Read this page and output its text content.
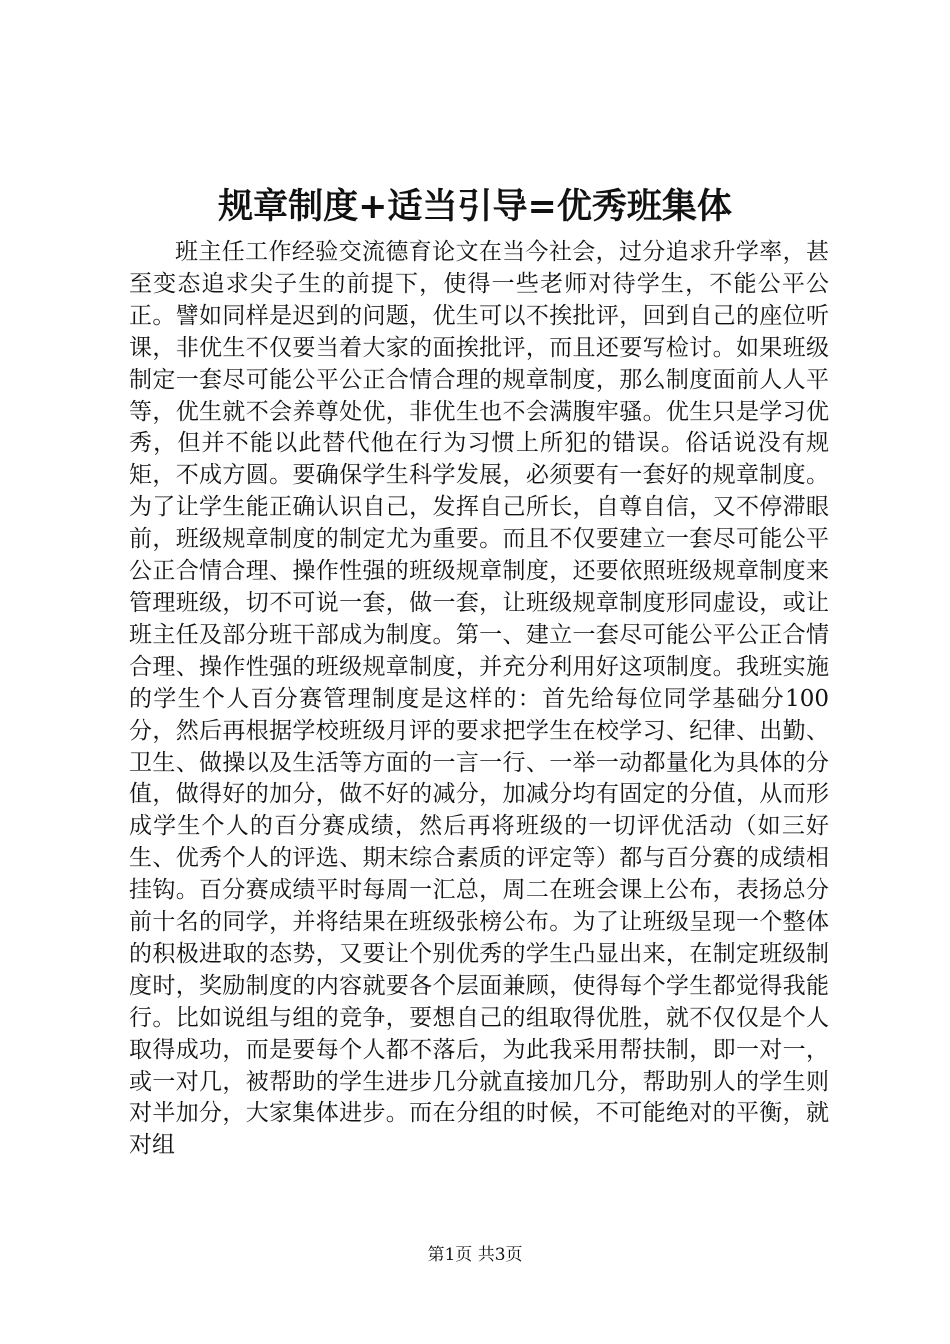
规章制度+适当引导=优秀班集体

班主任工作经验交流德育论文在当今社会，过分追求升学率，甚至变态追求尖子生的前提下，使得一些老师对待学生，不能公平公正。譬如同样是迟到的问题，优生可以不挨批评，回到自己的座位听课，非优生不仅要当着大家的面挨批评，而且还要写检讨。如果班级制定一套尽可能公平公正合情合理的规章制度，那么制度面前人人平等，优生就不会养尊处优，非优生也不会满腹牢骚。优生只是学习优秀，但并不能以此替代他在行为习惯上所犯的错误。俗话说没有规矩，不成方圆。要确保学生科学发展，必须要有一套好的规章制度。为了让学生能正确认识自己，发挥自己所长，自尊自信，又不停滞眼前，班级规章制度的制定尤为重要。而且不仅要建立一套尽可能公平公正合情合理、操作性强的班级规章制度，还要依照班级规章制度来管理班级，切不可说一套，做一套，让班级规章制度形同虚设，或让班主任及部分班干部成为制度。第一、建立一套尽可能公平公正合情合理、操作性强的班级规章制度，并充分利用好这项制度。我班实施的学生个人百分赛管理制度是这样的：首先给每位同学基础分100分，然后再根据学校班级月评的要求把学生在校学习、纪律、出勤、卫生、做操以及生活等方面的一言一行、一举一动都量化为具体的分值，做得好的加分，做不好的减分，加减分均有固定的分值，从而形成学生个人的百分赛成绩，然后再将班级的一切评优活动（如三好生、优秀个人的评选、期末综合素质的评定等）都与百分赛的成绩相挂钩。百分赛成绩平时每周一汇总，周二在班会课上公布，表扬总分前十名的同学，并将结果在班级张榜公布。为了让班级呈现一个整体的积极进取的态势，又要让个别优秀的学生凸显出来，在制定班级制度时，奖励制度的内容就要各个层面兼顾，使得每个学生都觉得我能行。比如说组与组的竞争，要想自己的组取得优胜，就不仅仅是个人取得成功，而是要每个人都不落后，为此我采用帮扶制，即一对一，或一对几，被帮助的学生进步几分就直接加几分，帮助别人的学生则对半加分，大家集体进步。而在分组的时候，不可能绝对的平衡，就对组

第1页 共3页
